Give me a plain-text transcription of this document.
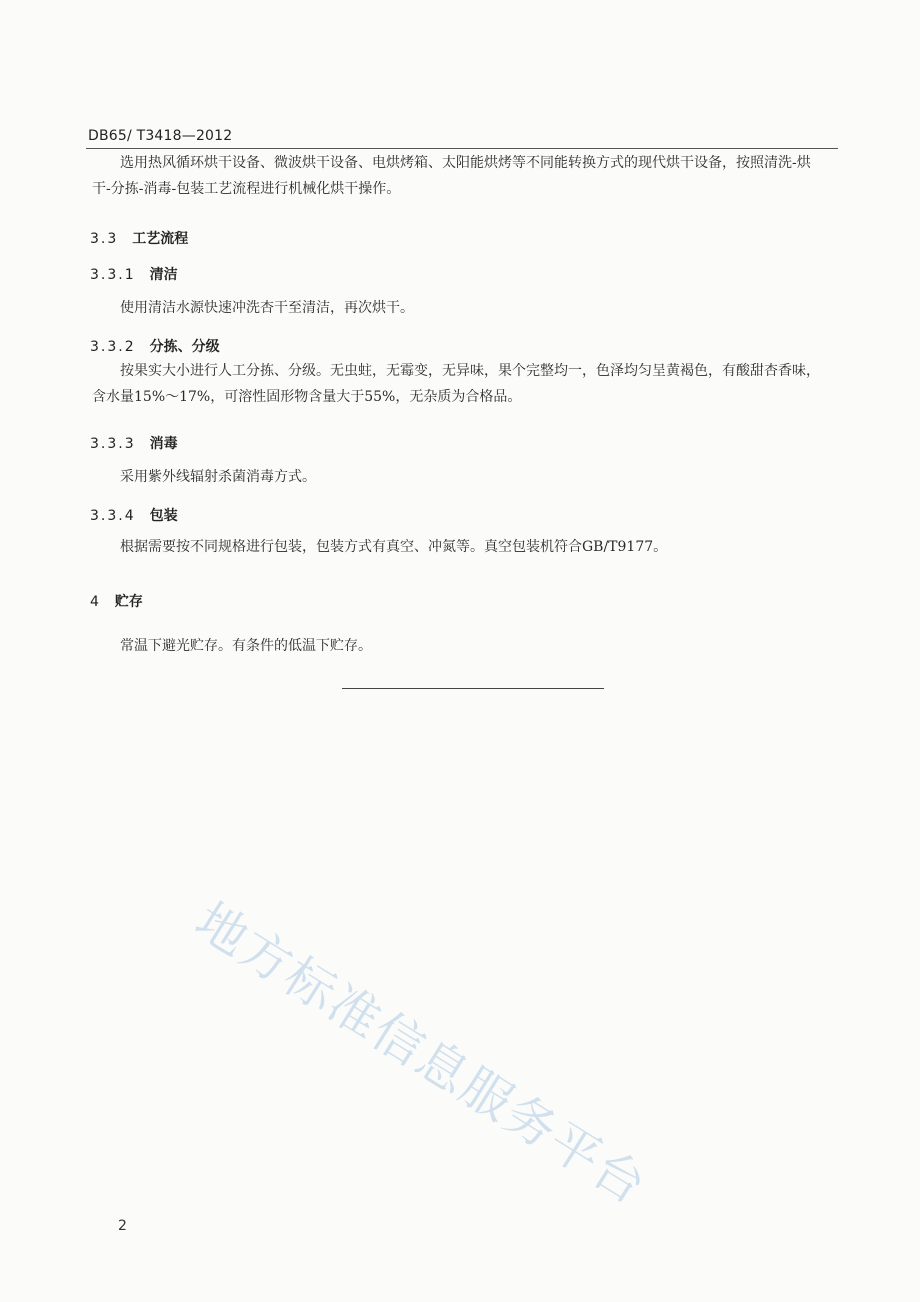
DB65/ T3418—2012

选用热风循环烘干设备、微波烘干设备、电烘烤箱、太阳能烘烤等不同能转换方式的现代烘干设备，按照清洗-烘干-分拣-消毒-包装工艺流程进行机械化烘干操作。

3.3 工艺流程
3.3.1 清洁

使用清洁水源快速冲洗杏干至清洁，再次烘干。

3.3.2 分拣、分级

按果实大小进行人工分拣、分级。无虫蛀，无霉变，无异味，果个完整均一，色泽均匀呈黄褐色，有酸甜杏香味，含水量15%～17%，可溶性固形物含量大于55%，无杂质为合格品。

3.3.3 消毒

采用紫外线辐射杀菌消毒方式。

3.3.4 包装

根据需要按不同规格进行包装，包装方式有真空、冲氮等。真空包装机符合GB/T9177。

4 贮存

常温下避光贮存。有条件的低温下贮存。

地方标准信息服务平台
2
